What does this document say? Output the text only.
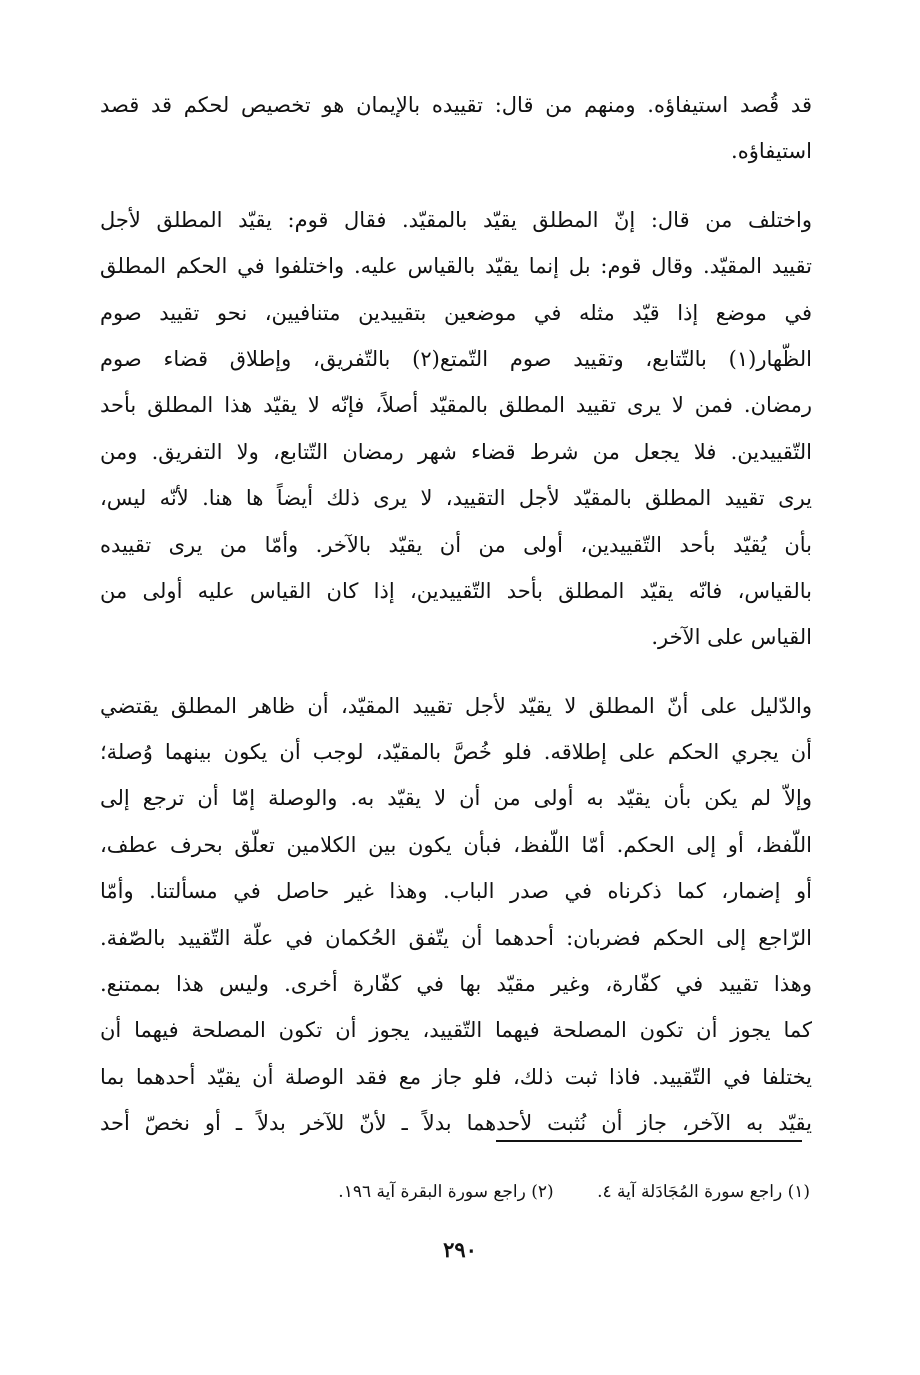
قد قُصد استيفاؤه. ومنهم من قال: تقييده بالإيمان هو تخصيص لحكم قد قصد
استيفاؤه.
واختلف من قال: إنّ المطلق يقيّد بالمقيّد. فقال قوم: يقيّد المطلق لأجل
تقييد المقيّد. وقال قوم: بل إنما يقيّد بالقياس عليه. واختلفوا في الحكم المطلق
في موضع إذا قيّد مثله في موضعين بتقييدين متنافيين، نحو تقييد صوم
الظّهار(١) بالتّتابع، وتقييد صوم التّمتع(٢) بالتّفريق، وإطلاق قضاء صوم
رمضان. فمن لا يرى تقييد المطلق بالمقيّد أصلاً، فإنّه لا يقيّد هذا المطلق بأحد
التّقييدين. فلا يجعل من شرط قضاء شهر رمضان التّتابع، ولا التفريق. ومن
يرى تقييد المطلق بالمقيّد لأجل التقييد، لا يرى ذلك أيضاً ها هنا. لأنّه ليس،
بأن يُقيّد بأحد التّقييدين، أولى من أن يقيّد بالآخر. وأمّا من يرى تقييده
بالقياس، فانّه يقيّد المطلق بأحد التّقييدين، إذا كان القياس عليه أولى من
القياس على الآخر.
والدّليل على أنّ المطلق لا يقيّد لأجل تقييد المقيّد، أن ظاهر المطلق يقتضي
أن يجري الحكم على إطلاقه. فلو خُصَّ بالمقيّد، لوجب أن يكون بينهما وُصلة؛
وإلاّ لم يكن بأن يقيّد به أولى من أن لا يقيّد به. والوصلة إمّا أن ترجع إلى
اللّفظ، أو إلى الحكم. أمّا اللّفظ، فبأن يكون بين الكلامين تعلّق بحرف عطف،
أو إضمار، كما ذكرناه في صدر الباب. وهذا غير حاصل في مسألتنا. وأمّا
الرّاجع إلى الحكم فضربان: أحدهما أن يتّفق الحُكمان في علّة التّقييد بالصّفة.
وهذا تقييد في كفّارة، وغير مقيّد بها في كفّارة أخرى. وليس هذا بممتنع.
كما يجوز أن تكون المصلحة فيهما التّقييد، يجوز أن تكون المصلحة فيهما أن
يختلفا في التّقييد. فاذا ثبت ذلك، فلو جاز مع فقد الوصلة أن يقيّد أحدهما بما
يقيّد به الآخر، جاز أن نُثبت لأحدهما بدلاً ـ لأنّ للآخر بدلاً ـ أو نخصّ أحد
(١) راجع سورة المُجَادَلة آية ٤. (٢) راجع سورة البقرة آية ١٩٦.
٢٩٠
